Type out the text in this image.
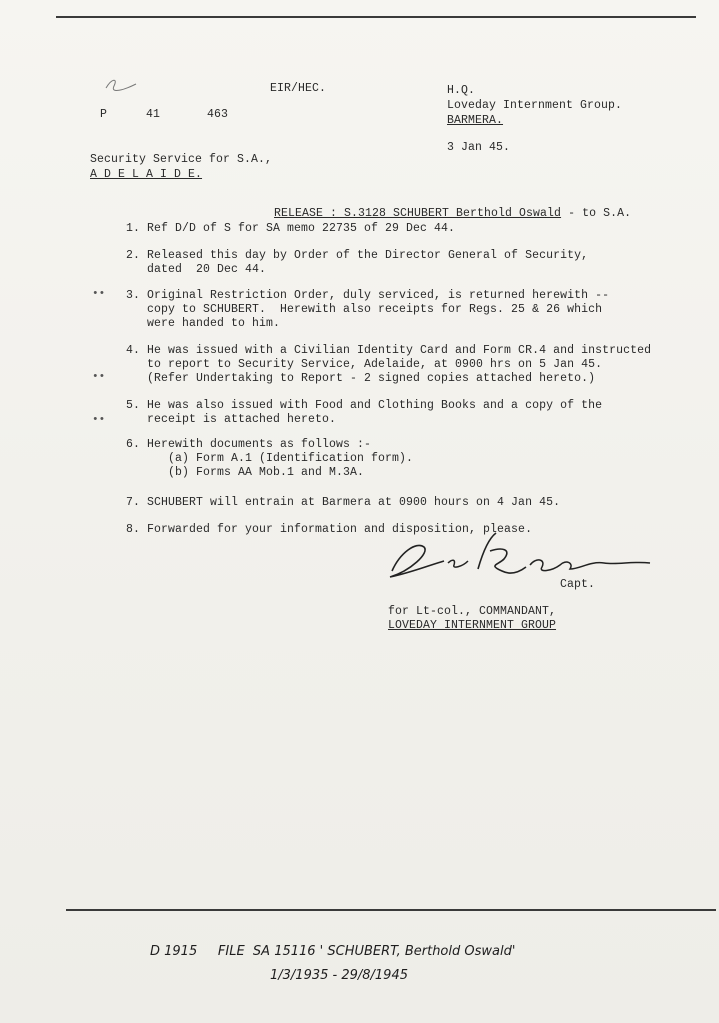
EIR/HEC.
P	41	463
H.Q.
Loveday Internment Group.
BARMERA.
3 Jan 45.
Security Service for S.A.,
A D E L A I D E.

RELEASE : S.3128 SCHUBERT Berthold Oswald - to S.A.

1. Ref D/D of S for SA memo 22735 of 29 Dec 44.
2. Released this day by Order of the Director General of Security,
dated  20 Dec 44.
•• 3. Original Restriction Order, duly serviced, is returned herewith --
copy to SCHUBERT.  Herewith also receipts for Regs. 25 & 26 which
were handed to him.
4. He was issued with a Civilian Identity Card and Form CR.4 and instructed
••
to report to Security Service, Adelaide, at 0900 hrs on 5 Jan 45.
(Refer Undertaking to Report - 2 signed copies attached hereto.)
5. He was also issued with Food and Clothing Books and a copy of the
•• receipt is attached hereto.
6. Herewith documents as follows :-
(a) Form A.1 (Identification form).
(b) Forms AA Mob.1 and M.3A.
7. SCHUBERT will entrain at Barmera at 0900 hours on 4 Jan 45.
8. Forwarded for your information and disposition, please.
Capt.
for Lt-col., COMMANDANT,
LOVEDAY INTERNMENT GROUP
D 1915     FILE  SA 15116 ' SCHUBERT, Berthold Oswald'
1/3/1935 - 29/8/1945
